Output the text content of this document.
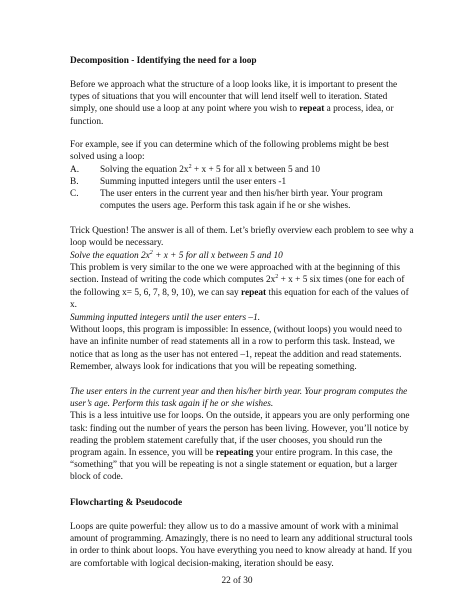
Decomposition - Identifying the need for a loop

Before we approach what the structure of a loop looks like, it is important to present the types of situations that you will encounter that will lend itself well to iteration. Stated simply, one should use a loop at any point where you wish to repeat a process, idea, or function.

For example, see if you can determine which of the following problems might be best solved using a loop:

A. Solving the equation $2x^2 + x + 5$ for all x between 5 and 10
B. Summing inputted integers until the user enters -1
C. The user enters in the current year and then his/her birth year. Your program computes the users age. Perform this task again if he or she wishes.

Trick Question! The answer is all of them. Let’s briefly overview each problem to see why a loop would be necessary.

Solve the equation $2x^2 + x + 5$ for all x between 5 and 10

This problem is very similar to the one we were approached with at the beginning of this section. Instead of writing the code which computes $2x^2 + x + 5$ six times (one for each of the following x= 5, 6, 7, 8, 9, 10), we can say repeat this equation for each of the values of x.

Summing inputted integers until the user enters –1.

Without loops, this program is impossible: In essence, (without loops) you would need to have an infinite number of read statements all in a row to perform this task. Instead, we notice that as long as the user has not entered –1, repeat the addition and read statements. Remember, always look for indications that you will be repeating something.

The user enters in the current year and then his/her birth year. Your program computes the user’s age. Perform this task again if he or she wishes.

This is a less intuitive use for loops. On the outside, it appears you are only performing one task: finding out the number of years the person has been living. However, you’ll notice by reading the problem statement carefully that, if the user chooses, you should run the program again. In essence, you will be repeating your entire program. In this case, the “something” that you will be repeating is not a single statement or equation, but a larger block of code.

Flowcharting & Pseudocode

Loops are quite powerful: they allow us to do a massive amount of work with a minimal amount of programming. Amazingly, there is no need to learn any additional structural tools in order to think about loops. You have everything you need to know already at hand. If you are comfortable with logical decision-making, iteration should be easy.

22 of 30
